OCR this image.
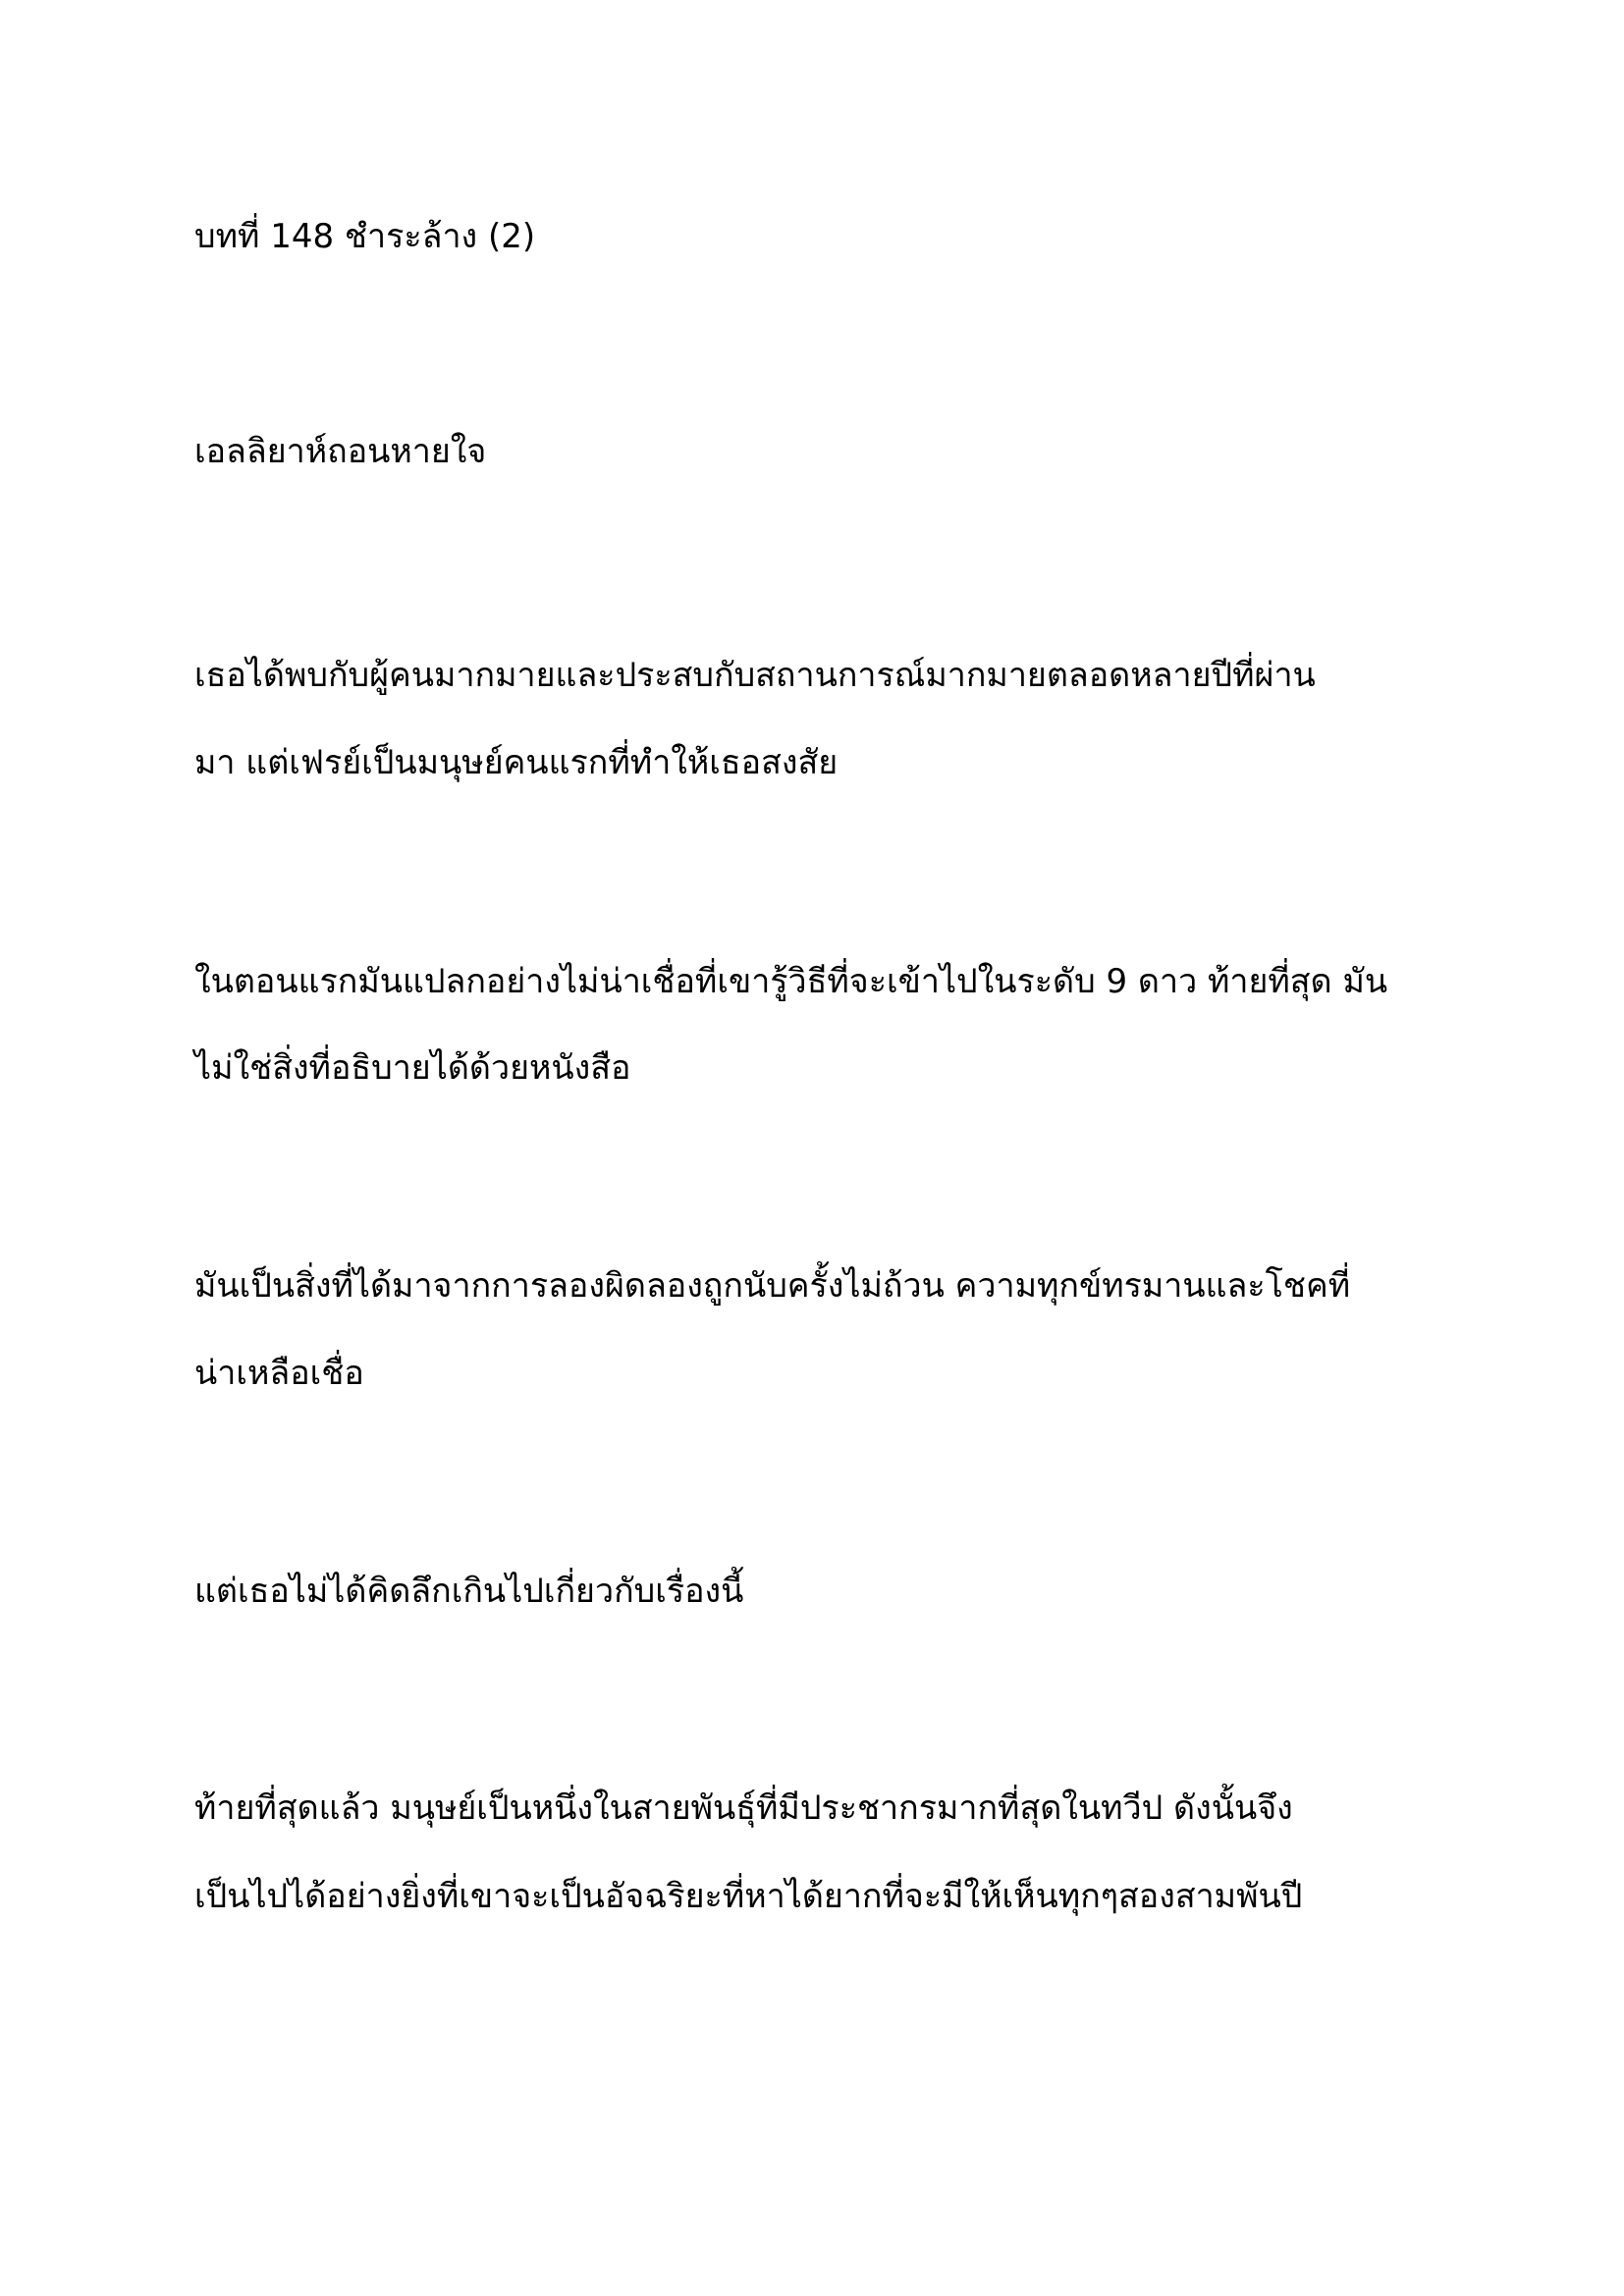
บทที่ 148 ชำระล้าง (2)
เอลลิยาห์ถอนหายใจ
เธอได้พบกับผู้คนมากมายและประสบกับสถานการณ์มากมายตลอดหลายปีที่ผ่าน
มา แต่เฟรย์เป็นมนุษย์คนแรกที่ทำให้เธอสงสัย
ในตอนแรกมันแปลกอย่างไม่น่าเชื่อที่เขารู้วิธีที่จะเข้าไปในระดับ 9 ดาว ท้ายที่สุด มัน
ไม่ใช่สิ่งที่อธิบายได้ด้วยหนังสือ
มันเป็นสิ่งที่ได้มาจากการลองผิดลองถูกนับครั้งไม่ถ้วน ความทุกข์ทรมานและโชคที่
น่าเหลือเชื่อ
แต่เธอไม่ได้คิดลึกเกินไปเกี่ยวกับเรื่องนี้
ท้ายที่สุดแล้ว มนุษย์เป็นหนึ่งในสายพันธุ์ที่มีประชากรมากที่สุดในทวีป ดังนั้นจึง
เป็นไปได้อย่างยิ่งที่เขาจะเป็นอัจฉริยะที่หาได้ยากที่จะมีให้เห็นทุกๆสองสามพันปี
